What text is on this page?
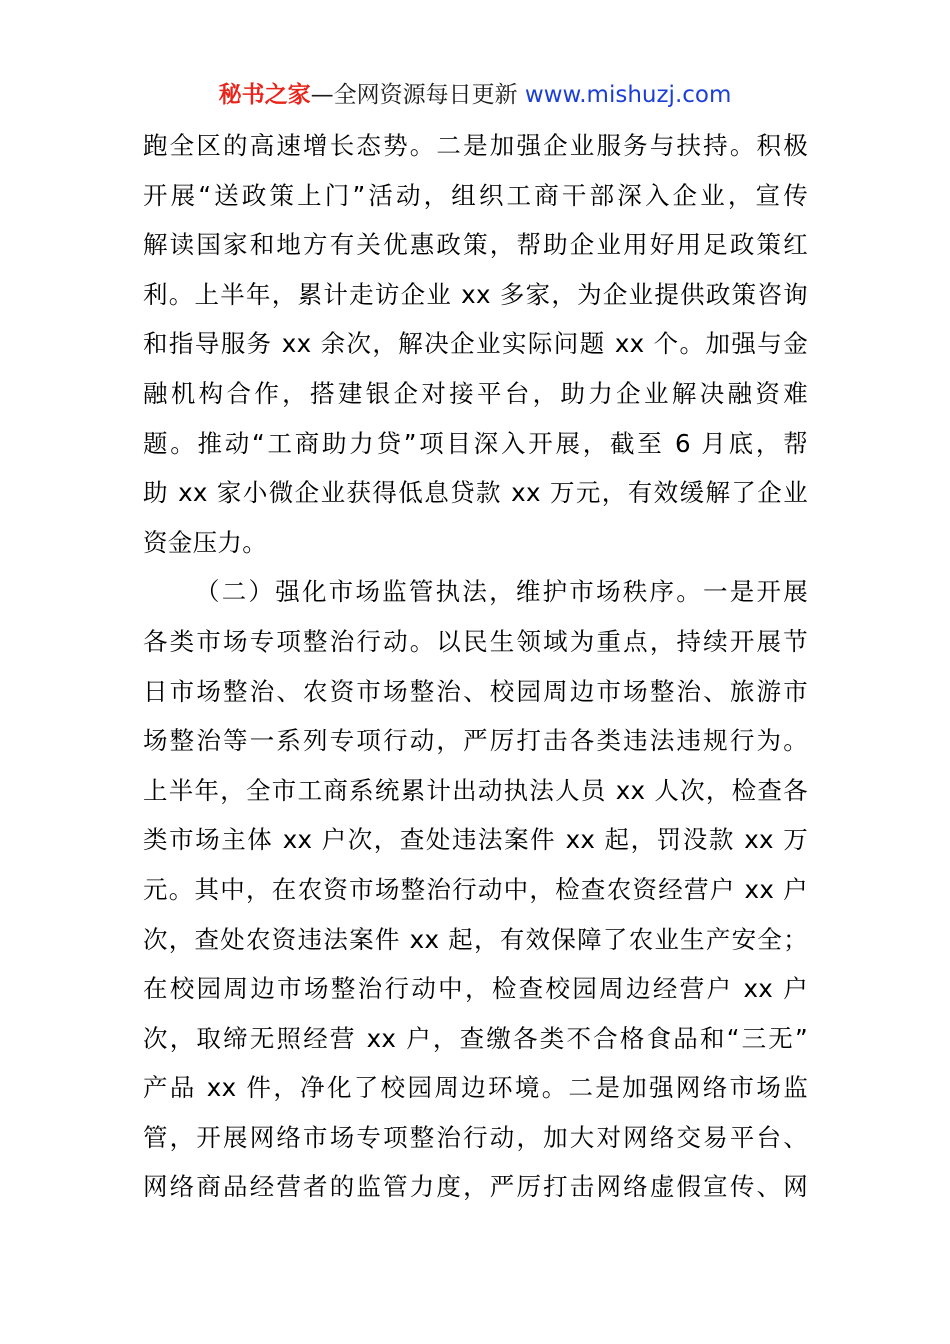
秘书之家—全网资源每日更新 www.mishuzj.com
跑全区的高速增长态势。二是加强企业服务与扶持。积极
开展“送政策上门”活动，组织工商干部深入企业，宣传
解读国家和地方有关优惠政策，帮助企业用好用足政策红
利。上半年，累计走访企业 xx 多家，为企业提供政策咨询
和指导服务 xx 余次，解决企业实际问题 xx 个。加强与金
融机构合作，搭建银企对接平台，助力企业解决融资难
题。推动“工商助力贷”项目深入开展，截至 6 月底，帮
助 xx 家小微企业获得低息贷款 xx 万元，有效缓解了企业
资金压力。
（二）强化市场监管执法，维护市场秩序。一是开展
各类市场专项整治行动。以民生领域为重点，持续开展节
日市场整治、农资市场整治、校园周边市场整治、旅游市
场整治等一系列专项行动，严厉打击各类违法违规行为。
上半年，全市工商系统累计出动执法人员 xx 人次，检查各
类市场主体 xx 户次，查处违法案件 xx 起，罚没款 xx 万
元。其中，在农资市场整治行动中，检查农资经营户 xx 户
次，查处农资违法案件 xx 起，有效保障了农业生产安全；
在校园周边市场整治行动中，检查校园周边经营户 xx 户
次，取缔无照经营 xx 户，查缴各类不合格食品和“三无”
产品 xx 件，净化了校园周边环境。二是加强网络市场监
管，开展网络市场专项整治行动，加大对网络交易平台、
网络商品经营者的监管力度，严厉打击网络虚假宣传、网
